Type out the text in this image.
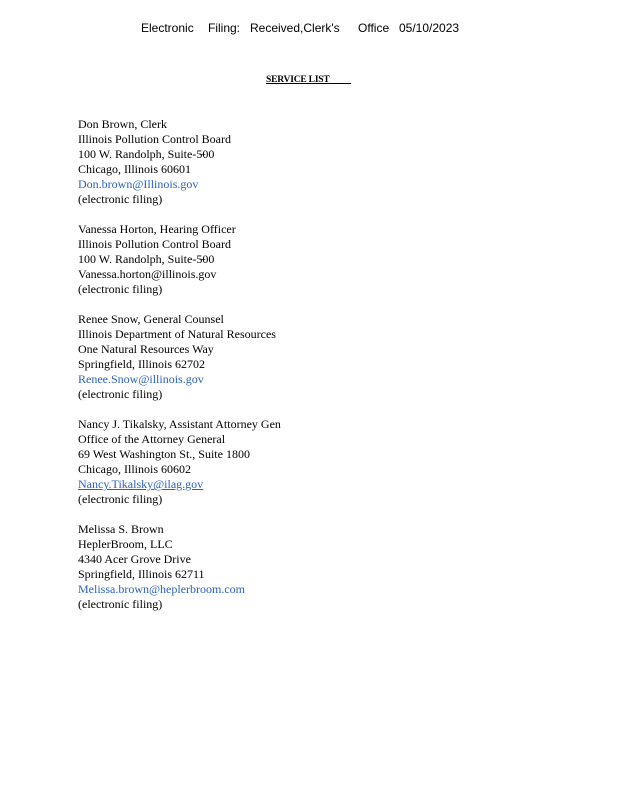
Electronic Filing: Received,Clerk's Office 05/10/2023
SERVICE LIST
Don Brown, Clerk
Illinois Pollution Control Board
100 W. Randolph, Suite-5̶00
Chicago, Illinois 60601
Don.brown@Illinois.gov
(electronic filing)
Vanessa Horton, Hearing Officer
Illinois Pollution Control Board
100 W. Randolph, Suite-5̶00
Vanessa.horton@illinois.gov
(electronic filing)
Renee Snow, General Counsel
Illinois Department of Natural Resources
One Natural Resources Way
Springfield, Illinois 62702
Renee.Snow@illinois.gov
(electronic filing)
Nancy J. Tikalsky, Assistant Attorney Gen
Office of the Attorney General
69 West Washington St., Suite 1800
Chicago, Illinois 60602
Nancy.Tikalsky@ilag.gov
(electronic filing)
Melissa S. Brown
HeplerBroom, LLC
4340 Acer Grove Drive
Springfield, Illinois 62711
Melissa.brown@heplerbroom.com
(electronic filing)
